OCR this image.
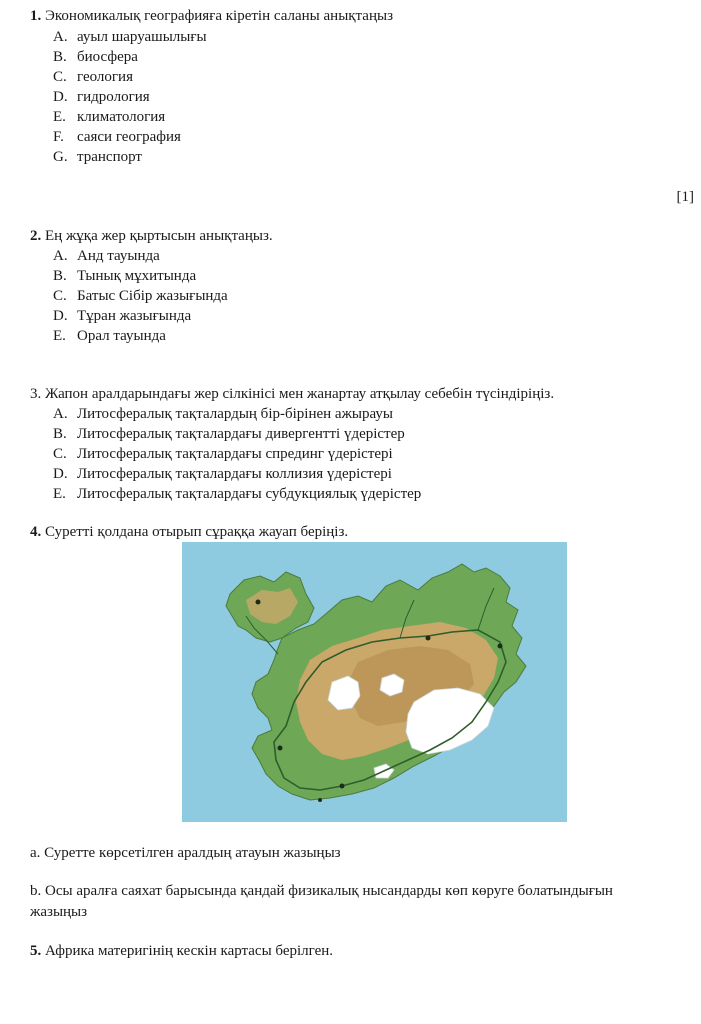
1. Экономикалық географияға кіретін саланы анықтаңыз
A. ауыл шаруашылығы
B. биосфера
C. геология
D. гидрология
E. климатология
F. саяси география
G. транспорт
[1]
2. Ең жұқа жер қыртысын анықтаңыз.
A. Анд тауында
B. Тынық мұхитында
C. Батыс Сібір жазығында
D. Тұран жазығында
E. Орал тауында
3. Жапон аралдарындағы жер сілкінісі мен жанартау атқылау себебін түсіндіріңіз.
A. Литосфералық тақталардың бір-бірінен ажырауы
B. Литосфералық тақталардағы дивергентті үдерістер
C. Литосфералық тақталардағы спрединг үдерістері
D. Литосфералық тақталардағы коллизия үдерістері
E. Литосфералық тақталардағы субдукциялық үдерістер
4. Суретті қолдана отырып сұраққа жауап беріңіз.
a. Суретте көрсетілген аралдың атауын жазыңыз
b. Осы аралға саяхат барысында қандай физикалық нысандарды көп көруге болатындығын
жазыңыз
5. Африка материгінің кескін картасы берілген.
